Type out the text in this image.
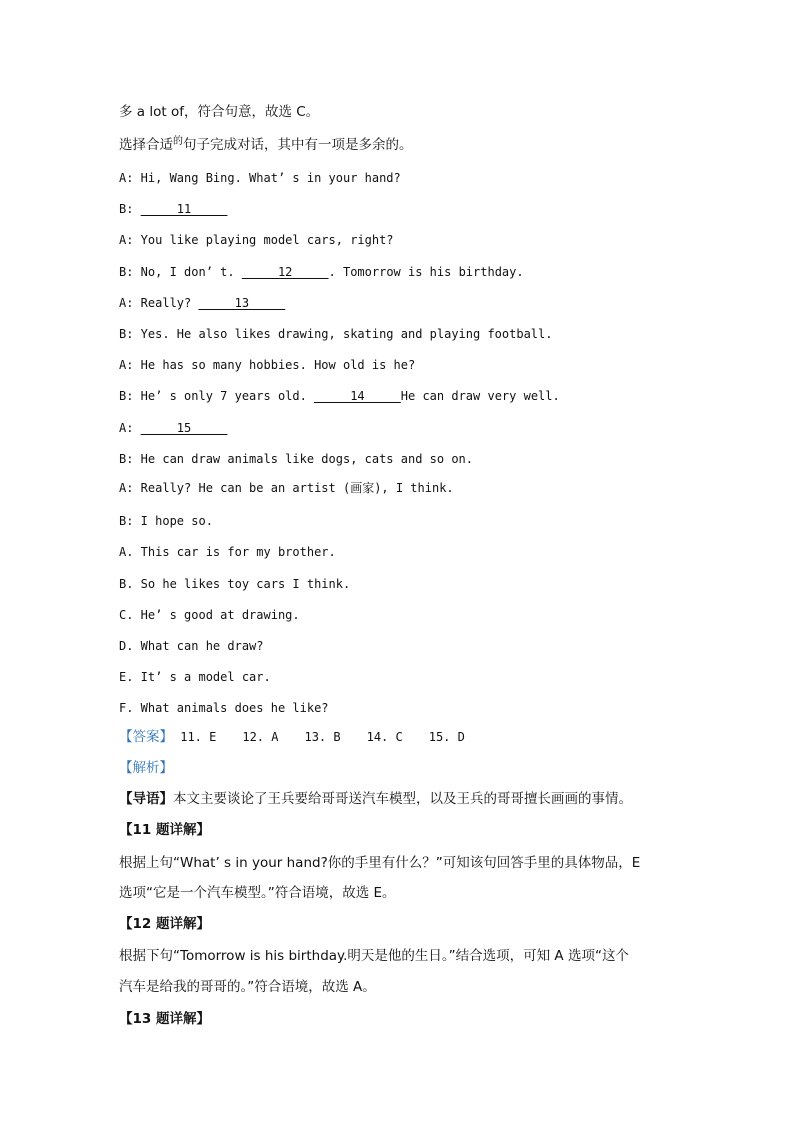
多 a lot of，符合句意，故选 C。
选择合适$^的$句子完成对话，其中有一项是多余的。
A: Hi, Wang Bing. What’ s in your hand?
B: _____11_____
A: You like playing model cars, right?
B: No, I don’ t. _____12_____. Tomorrow is his birthday.
A: Really? _____13_____
B: Yes. He also likes drawing, skating and playing football.
A: He has so many hobbies. How old is he?
B: He’ s only 7 years old. _____14_____He can draw very well.
A: _____15_____
B: He can draw animals like dogs, cats and so on.
A: Really? He can be an artist (画家), I think.
B: I hope so.
A. This car is for my brother.
B. So he likes toy cars I think.
C. He’ s good at drawing.
D. What can he draw?
E. It’ s a model car.
F. What animals does he like?
【答案】 11. E 12. A 13. B 14. C 15. D
【解析】
【导语】本文主要谈论了王兵要给哥哥送汽车模型，以及王兵的哥哥擅长画画的事情。
【11 题详解】
根据上句“What’ s in your hand?你的手里有什么？”可知该句回答手里的具体物品，E
选项“它是一个汽车模型。”符合语境，故选 E。
【12 题详解】
根据下句“Tomorrow is his birthday.明天是他的生日。”结合选项，可知 A 选项“这个
汽车是给我的哥哥的。”符合语境，故选 A。
【13 题详解】
